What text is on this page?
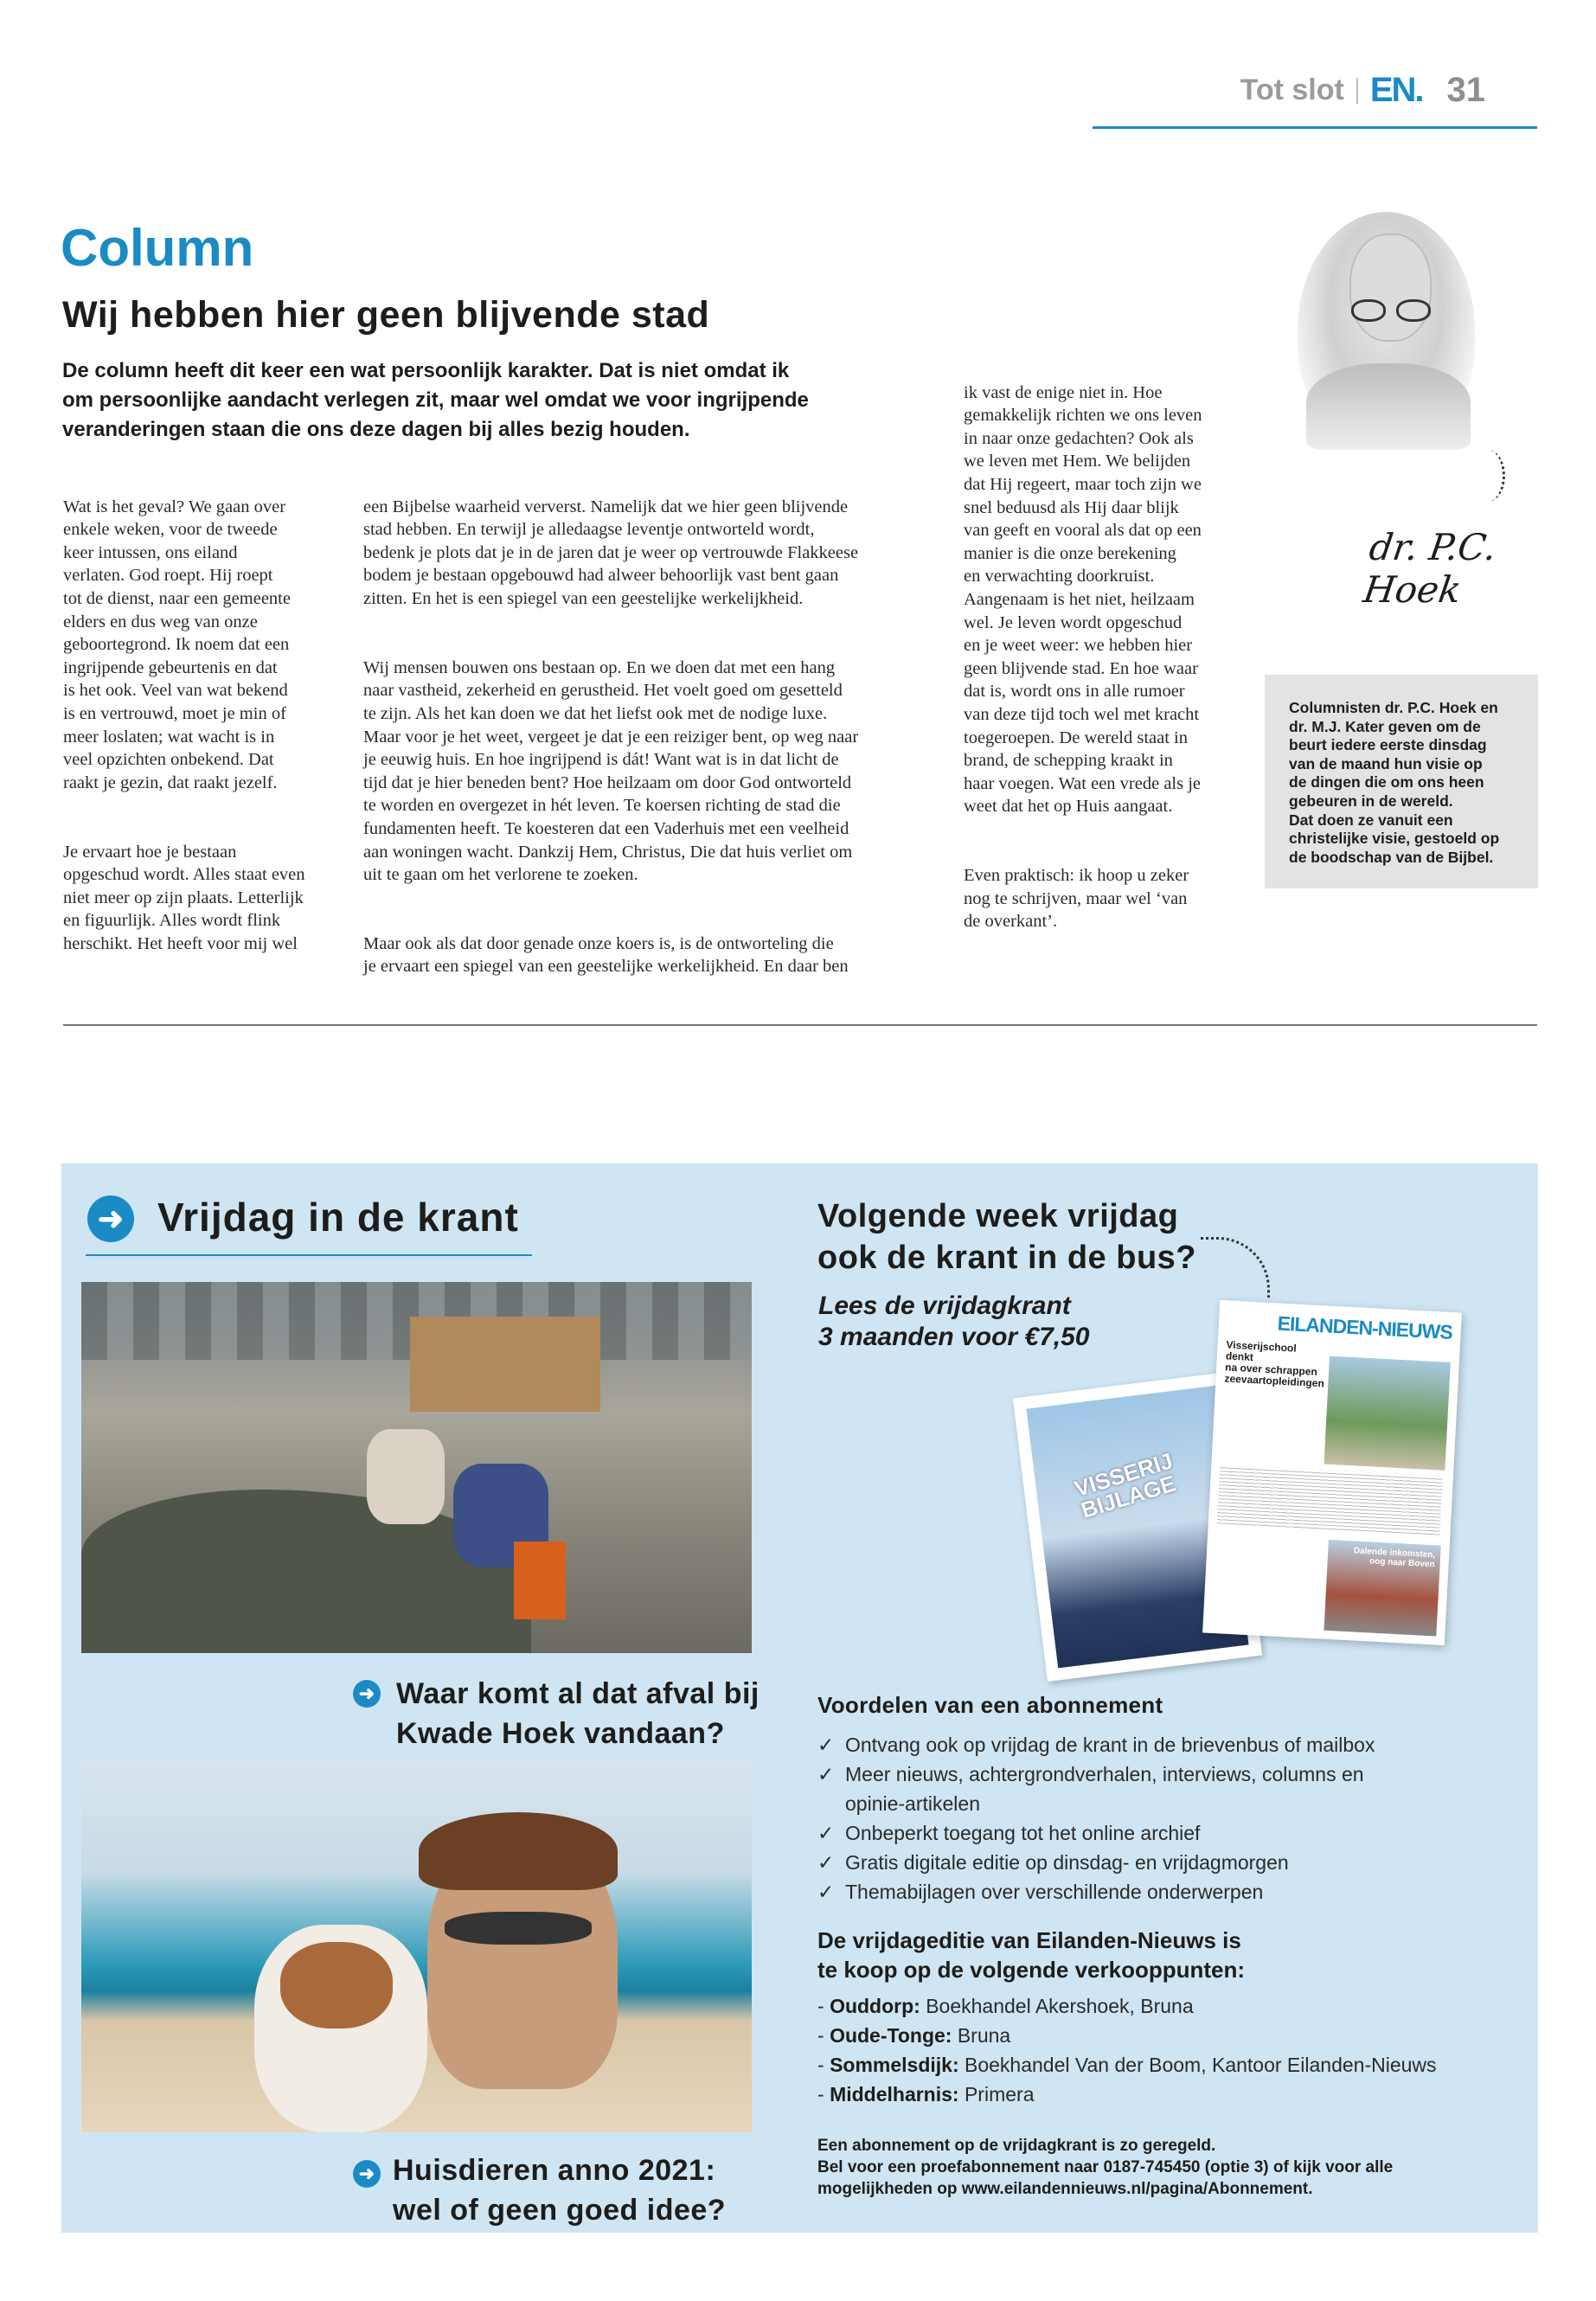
Tot slot EN. 31
Column
Wij hebben hier geen blijvende stad
De column heeft dit keer een wat persoonlijk karakter. Dat is niet omdat ik
om persoonlijke aandacht verlegen zit, maar wel omdat we voor ingrijpende
veranderingen staan die ons deze dagen bij alles bezig houden.

Wat is het geval? We gaan over
enkele weken, voor de tweede
keer intussen, ons eiland
verlaten. God roept. Hij roept
tot de dienst, naar een gemeente
elders en dus weg van onze
geboortegrond. Ik noem dat een
ingrijpende gebeurtenis en dat
is het ook. Veel van wat bekend
is en vertrouwd, moet je min of
meer loslaten; wat wacht is in
veel opzichten onbekend. Dat
raakt je gezin, dat raakt jezelf.

Je ervaart hoe je bestaan
opgeschud wordt. Alles staat even
niet meer op zijn plaats. Letterlijk
en figuurlijk. Alles wordt flink
herschikt. Het heeft voor mij wel

een Bijbelse waarheid ververst. Namelijk dat we hier geen blijvende
stad hebben. En terwijl je alledaagse leventje ontworteld wordt,
bedenk je plots dat je in de jaren dat je weer op vertrouwde Flakkeese
bodem je bestaan opgebouwd had alweer behoorlijk vast bent gaan
zitten. En het is een spiegel van een geestelijke werkelijkheid.

Wij mensen bouwen ons bestaan op. En we doen dat met een hang
naar vastheid, zekerheid en gerustheid. Het voelt goed om gesetteld
te zijn. Als het kan doen we dat het liefst ook met de nodige luxe.
Maar voor je het weet, vergeet je dat je een reiziger bent, op weg naar
je eeuwig huis. En hoe ingrijpend is dát! Want wat is in dat licht de
tijd dat je hier beneden bent? Hoe heilzaam om door God ontworteld
te worden en overgezet in hét leven. Te koersen richting de stad die
fundamenten heeft. Te koesteren dat een Vaderhuis met een veelheid
aan woningen wacht. Dankzij Hem, Christus, Die dat huis verliet om
uit te gaan om het verlorene te zoeken.

Maar ook als dat door genade onze koers is, is de ontworteling die
je ervaart een spiegel van een geestelijke werkelijkheid. En daar ben

ik vast de enige niet in. Hoe
gemakkelijk richten we ons leven
in naar onze gedachten? Ook als
we leven met Hem. We belijden
dat Hij regeert, maar toch zijn we
snel beduusd als Hij daar blijk
van geeft en vooral als dat op een
manier is die onze berekening
en verwachting doorkruist.
Aangenaam is het niet, heilzaam
wel. Je leven wordt opgeschud
en je weet weer: we hebben hier
geen blijvende stad. En hoe waar
dat is, wordt ons in alle rumoer
van deze tijd toch wel met kracht
toegeroepen. De wereld staat in
brand, de schepping kraakt in
haar voegen. Wat een vrede als je
weet dat het op Huis aangaat.

Even praktisch: ik hoop u zeker
nog te schrijven, maar wel ‘van
de overkant’.

dr. P.C. Hoek
Columnisten dr. P.C. Hoek en
dr. M.J. Kater geven om de
beurt iedere eerste dinsdag
van de maand hun visie op
de dingen die om ons heen
gebeuren in de wereld.
Dat doen ze vanuit een
christelijke visie, gestoeld op
de boodschap van de Bijbel.
➜ Vrijdag in de krant
➜ Waar komt al dat afval bij
Kwade Hoek vandaan?
➜ Huisdieren anno 2021:
wel of geen goed idee?
Volgende week vrijdag
ook de krant in de bus?
Lees de vrijdagkrant
3 maanden voor €7,50
VISSERIJ
BIJLAGE
EILANDEN-NIEUWS
Visserijschool denkt
na over schrappen
zeevaartopleidingen
Dalende inkomsten,
oog naar Boven
Voordelen van een abonnement
✓ Ontvang ook op vrijdag de krant in de brievenbus of mailbox
✓ Meer nieuws, achtergrondverhalen, interviews, columns en
opinie-artikelen
✓ Onbeperkt toegang tot het online archief
✓ Gratis digitale editie op dinsdag- en vrijdagmorgen
✓ Themabijlagen over verschillende onderwerpen
De vrijdageditie van Eilanden-Nieuws is
te koop op de volgende verkooppunten:
- Ouddorp: Boekhandel Akershoek, Bruna
- Oude-Tonge: Bruna
- Sommelsdijk: Boekhandel Van der Boom, Kantoor Eilanden-Nieuws
- Middelharnis: Primera
Een abonnement op de vrijdagkrant is zo geregeld.
Bel voor een proefabonnement naar 0187-745450 (optie 3) of kijk voor alle
mogelijkheden op www.eilandennieuws.nl/pagina/Abonnement.
